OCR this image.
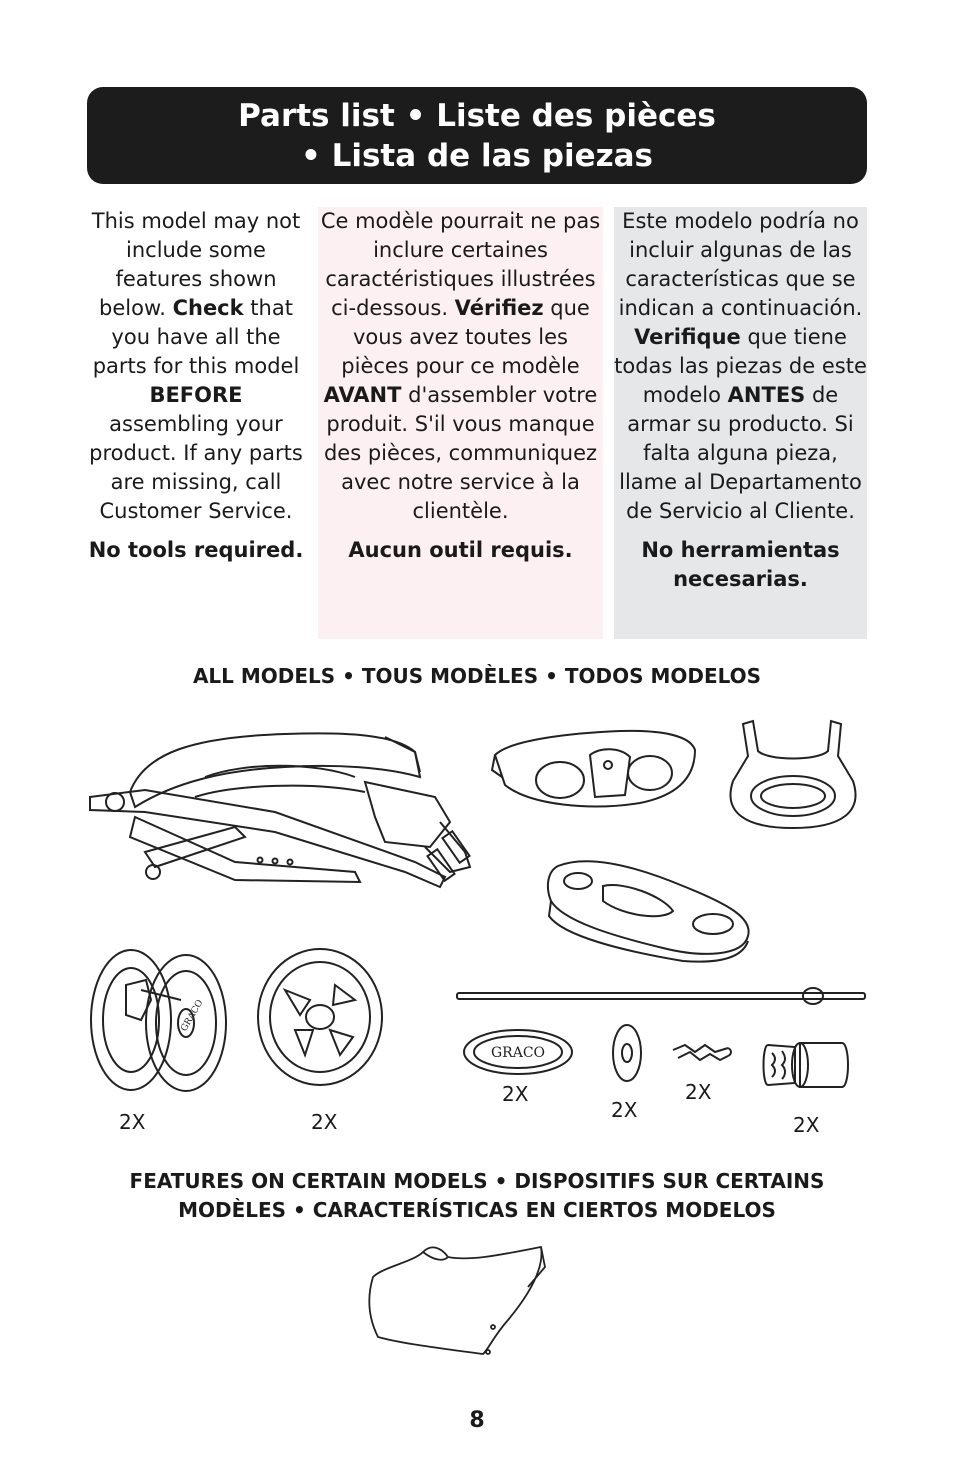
Parts list • Liste des pièces
• Lista de las piezas

This model may not include some features shown below. Check that you have all the parts for this model BEFORE assembling your product. If any parts are missing, call Customer Service.

No tools required.

Ce modèle pourrait ne pas inclure certaines caractéristiques illustrées ci-dessous. Vérifiez que vous avez toutes les pièces pour ce modèle AVANT d'assembler votre produit. S'il vous manque des pièces, communiquez avec notre service à la clientèle.

Aucun outil requis.

Este modelo podría no incluir algunas de las características que se indican a continuación. Verifique que tiene todas las piezas de este modelo ANTES de armar su producto. Si falta alguna pieza, llame al Departamento de Servicio al Cliente.

No herramientas necesarias.

ALL MODELS • TOUS MODÈLES • TODOS MODELOS
GRACO
2X	2X
GRACO
2X
2X
2X
2X
FEATURES ON CERTAIN MODELS • DISPOSITIFS SUR CERTAINS MODÈLES • CARACTERÍSTICAS EN CIERTOS MODELOS
8
